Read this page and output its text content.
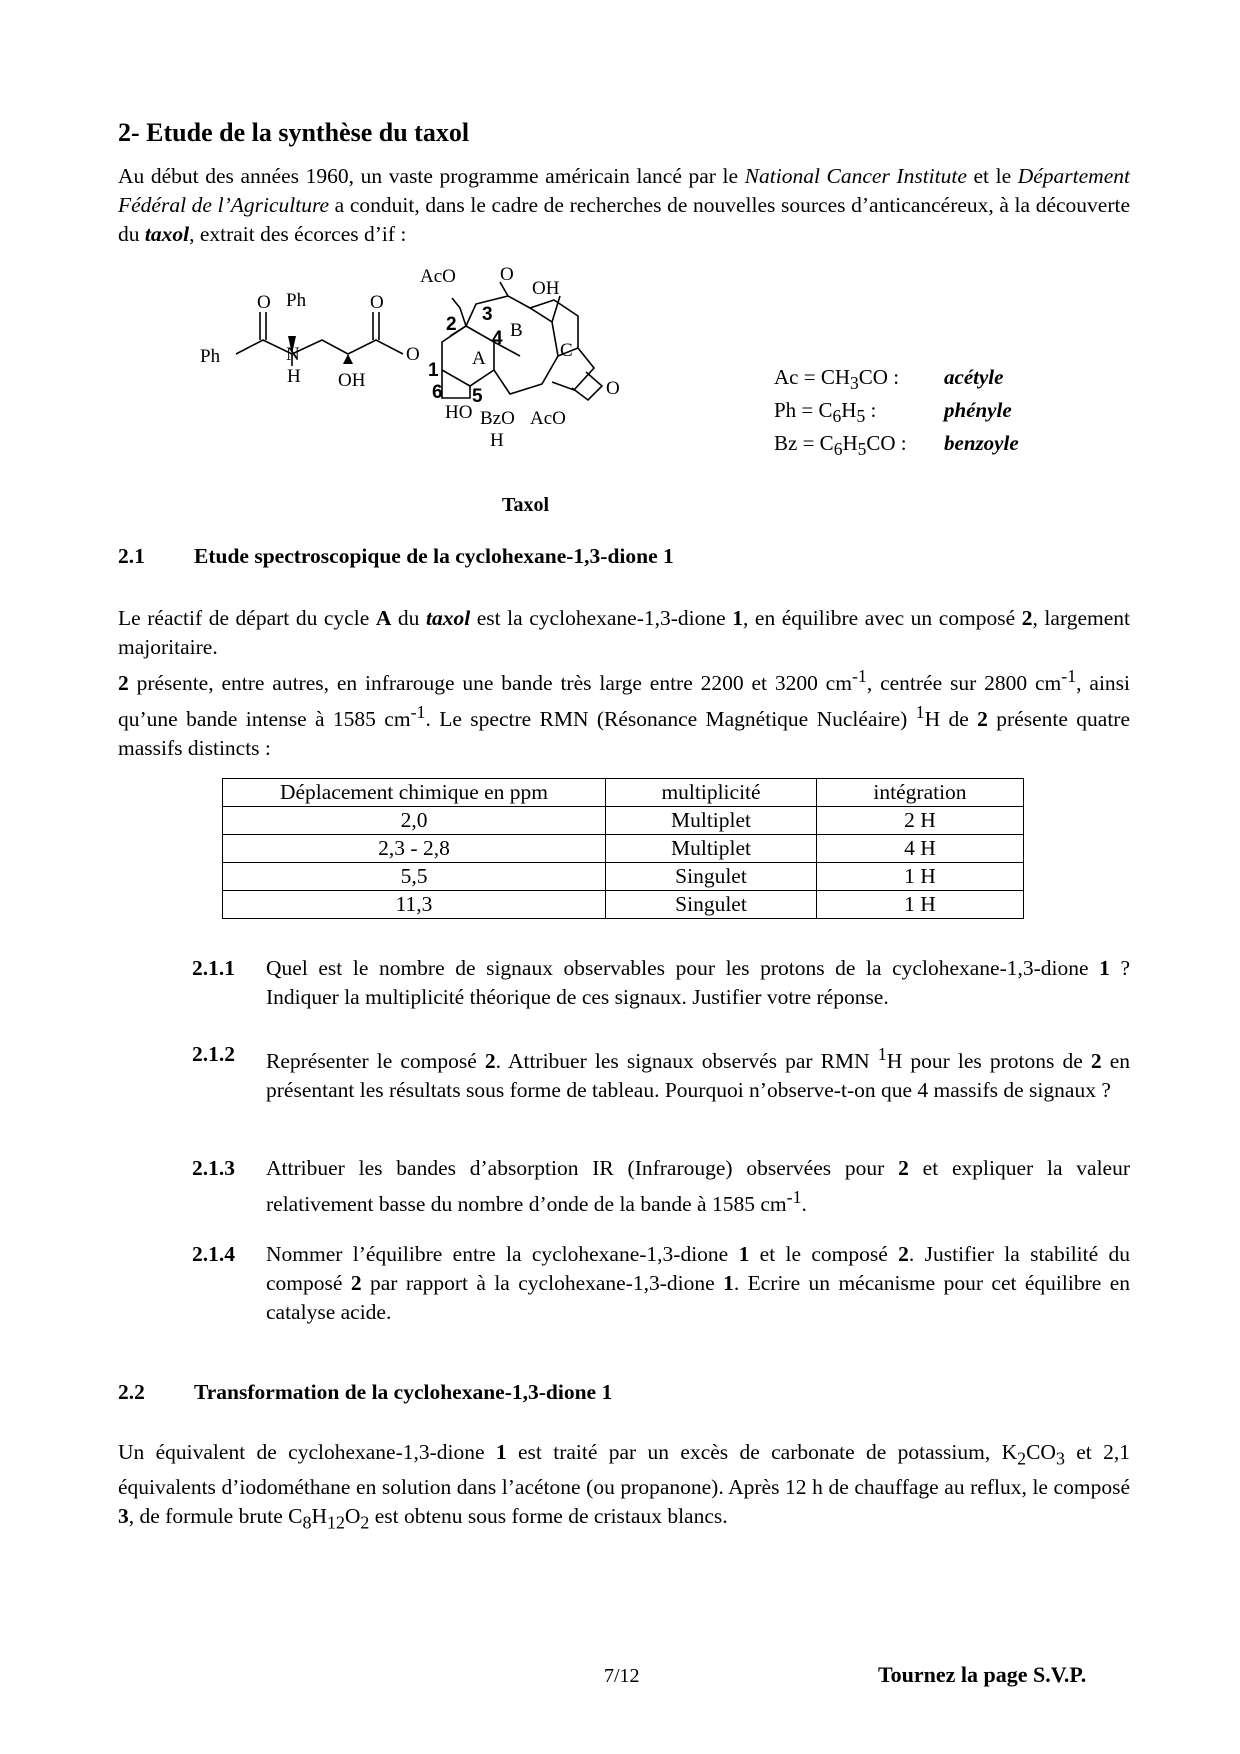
2- Etude de la synthèse du taxol
Au début des années 1960, un vaste programme américain lancé par le National Cancer Institute et le Département Fédéral de l’Agriculture a conduit, dans le cadre de recherches de nouvelles sources d’anticancéreux, à la découverte du taxol, extrait des écorces d’if :
AcO O
OH
O Ph	O
Ph	N
H OH
O
H
O
HO BzO AcO
A
B
C
2 3
4
1
6 5
Taxol
$Ac = CH_3CO$ :	acétyle
$Ph = C_6H_5$ :	phényle
$Bz = C_6H_5CO$ :	benzoyle
2.1 Etude spectroscopique de la cyclohexane-1,3-dione 1
Le réactif de départ du cycle A du taxol est la cyclohexane-1,3-dione 1, en équilibre avec un composé 2, largement majoritaire.
2 présente, entre autres, en infrarouge une bande très large entre 2200 et 3200 $cm^{-1}$, centrée sur 2800 $cm^{-1}$, ainsi qu’une bande intense à 1585 $cm^{-1}$. Le spectre RMN (Résonance Magnétique Nucléaire) $^1$H de 2 présente quatre massifs distincts :
Déplacement chimique en ppm	multiplicité	intégration
2,0	Multiplet	2 H
2,3 - 2,8	Multiplet	4 H
5,5	Singulet	1 H
11,3	Singulet	1 H
2.1.1 Quel est le nombre de signaux observables pour les protons de la cyclohexane-1,3-dione 1 ? Indiquer la multiplicité théorique de ces signaux. Justifier votre réponse.
2.1.2 Représenter le composé 2. Attribuer les signaux observés par RMN $^1$H pour les protons de 2 en présentant les résultats sous forme de tableau. Pourquoi n’observe-t-on que 4 massifs de signaux ?
2.1.3 Attribuer les bandes d’absorption IR (Infrarouge) observées pour 2 et expliquer la valeur relativement basse du nombre d’onde de la bande à 1585 $cm^{-1}$.
2.1.4 Nommer l’équilibre entre la cyclohexane-1,3-dione 1 et le composé 2. Justifier la stabilité du composé 2 par rapport à la cyclohexane-1,3-dione 1. Ecrire un mécanisme pour cet équilibre en catalyse acide.
2.2 Transformation de la cyclohexane-1,3-dione 1
Un équivalent de cyclohexane-1,3-dione 1 est traité par un excès de carbonate de potassium, $K_2CO_3$ et 2,1 équivalents d’iodométhane en solution dans l’acétone (ou propanone). Après 12 h de chauffage au reflux, le composé 3, de formule brute $C_8H_{12}O_2$ est obtenu sous forme de cristaux blancs.
7/12	Tournez la page S.V.P.
